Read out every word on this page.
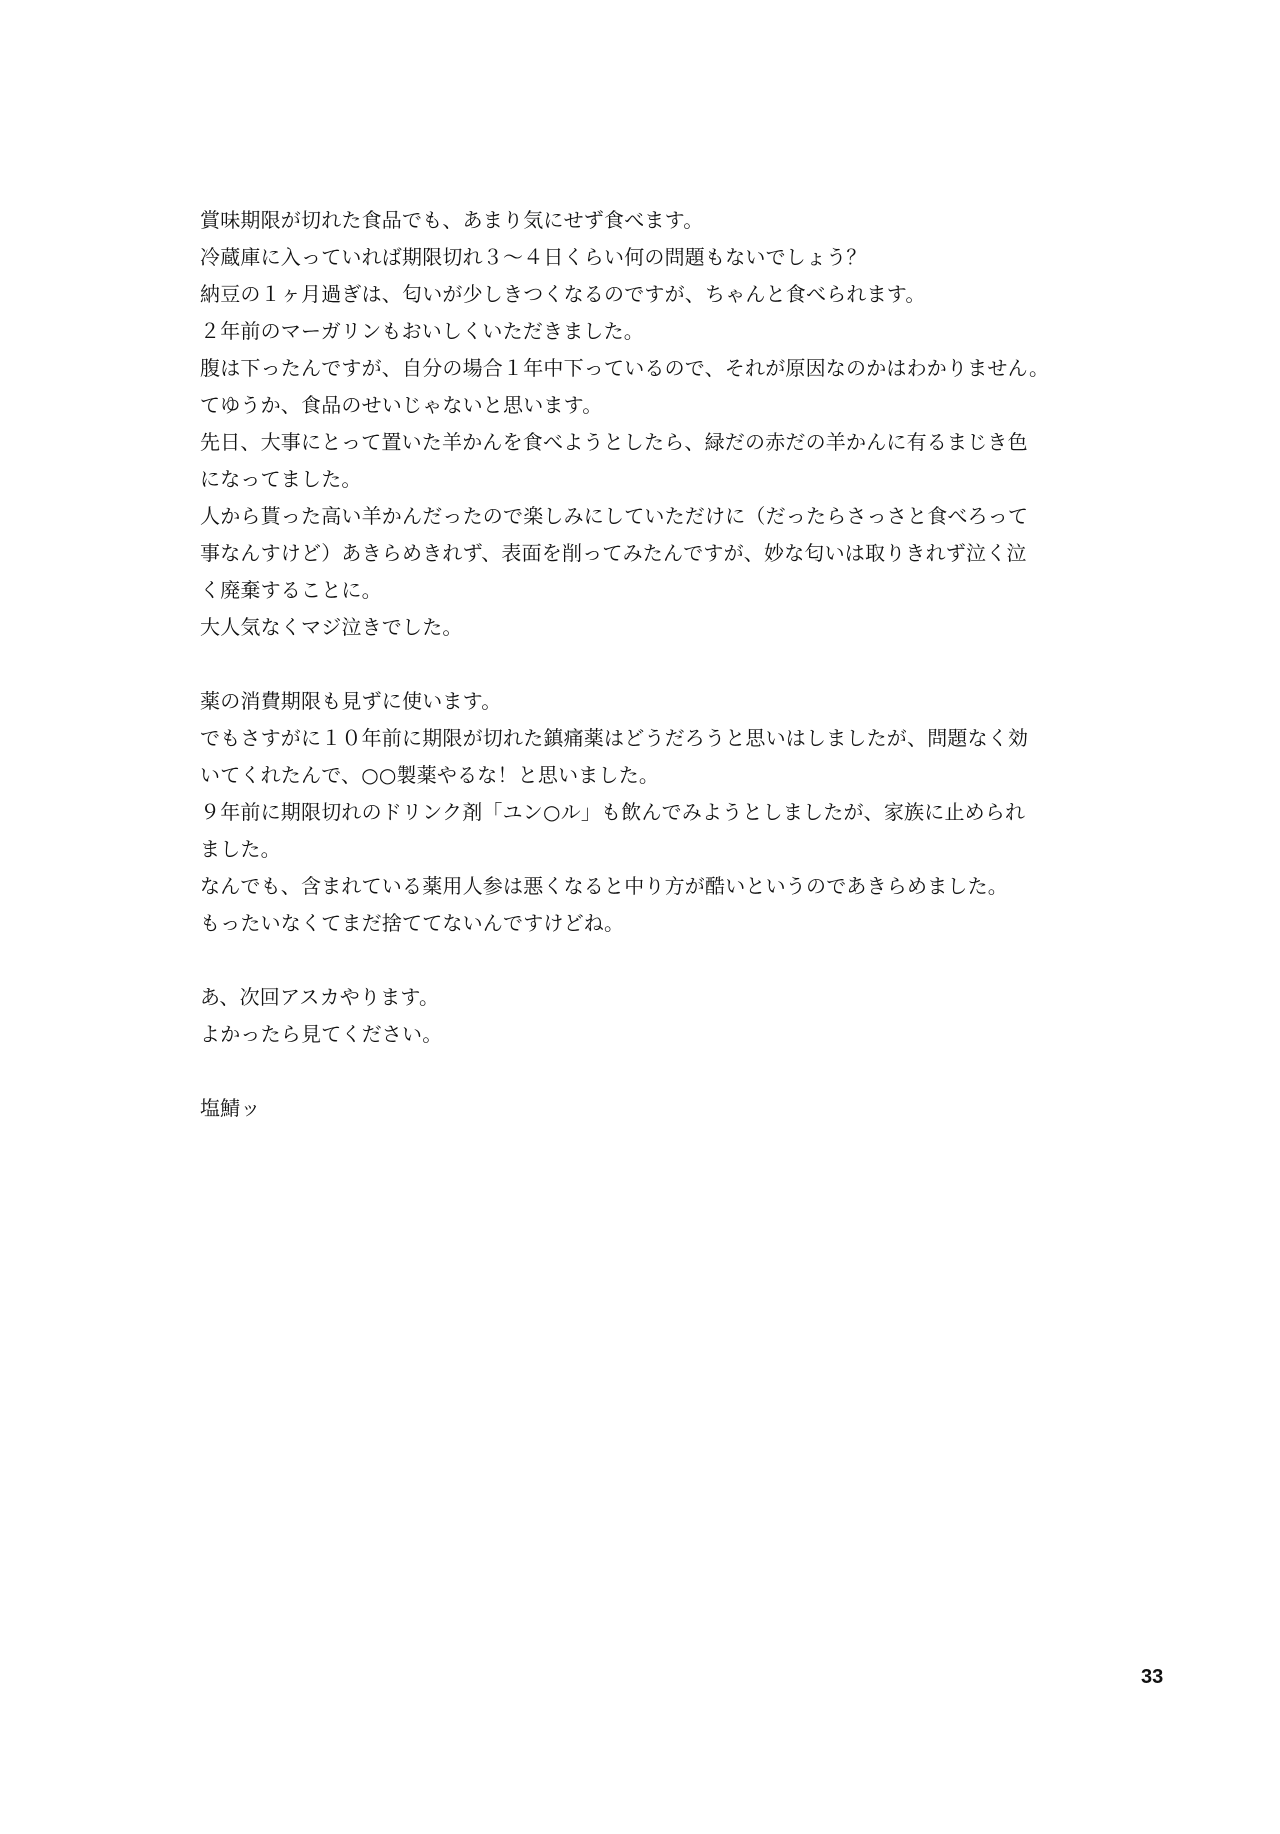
賞味期限が切れた食品でも、あまり気にせず食べます。
冷蔵庫に入っていれば期限切れ３～４日くらい何の問題もないでしょう？
納豆の１ヶ月過ぎは、匂いが少しきつくなるのですが、ちゃんと食べられます。
２年前のマーガリンもおいしくいただきました。
腹は下ったんですが、自分の場合１年中下っているので、それが原因なのかはわかりません。
てゆうか、食品のせいじゃないと思います。
先日、大事にとって置いた羊かんを食べようとしたら、緑だの赤だの羊かんに有るまじき色
になってました。
人から貰った高い羊かんだったので楽しみにしていただけに（だったらさっさと食べろって
事なんすけど）あきらめきれず、表面を削ってみたんですが、妙な匂いは取りきれず泣く泣
く廃棄することに。
大人気なくマジ泣きでした。
薬の消費期限も見ずに使います。
でもさすがに１０年前に期限が切れた鎮痛薬はどうだろうと思いはしましたが、問題なく効
いてくれたんで、○○製薬やるな！と思いました。
９年前に期限切れのドリンク剤「ユン○ル」も飲んでみようとしましたが、家族に止められ
ました。
なんでも、含まれている薬用人参は悪くなると中り方が酷いというのであきらめました。
もったいなくてまだ捨ててないんですけどね。
あ、次回アスカやります。
よかったら見てください。
塩鯖ッ
33
